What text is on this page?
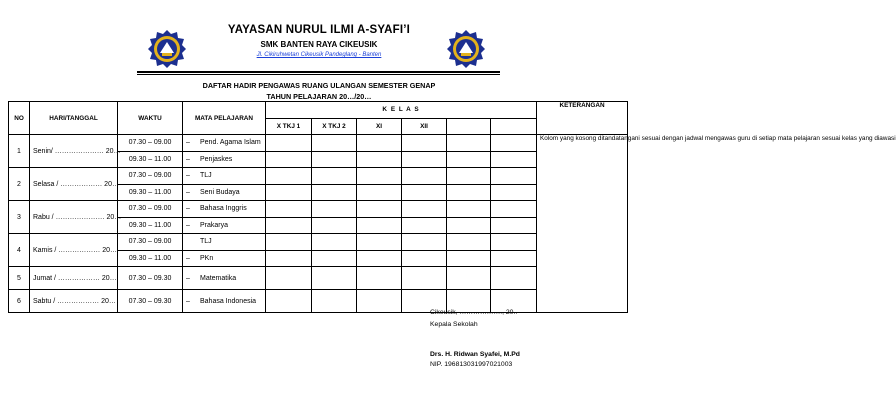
YAYASAN NURUL ILMI A-SYAFI’I
SMK BANTEN RAYA CIKEUSIK
Jl. Cikiruhwetan Cikeusik Pandeglang - Banten
DAFTAR HADIR PENGAWAS RUANG ULANGAN SEMESTER GENAP
TAHUN PELAJARAN 20…/20…
NO	HARI/TANGGAL	WAKTU	MATA PELAJARAN	K E L A S						KETERANGAN
				X TKJ 1	X TKJ 2	XI	XII			
1	Senin/ ………………… 20…	07.30 – 09.00	– Pend. Agama Islam							Kolom yang kosong ditandatangani sesuai dengan jadwal mengawas guru di setiap mata pelajaran sesuai kelas yang diawasi
		09.30 – 11.00	– Penjaskes							
2	Selasa / ……………… 20…	07.30 – 09.00	– TLJ							
		09.30 – 11.00	– Seni Budaya							
3	Rabu / ………………… 20…	07.30 – 09.00	– Bahasa Inggris							
		09.30 – 11.00	– Prakarya							
4	Kamis / ……………… 20…	07.30 – 09.00	TLJ							
		09.30 – 11.00	– PKn							
5	Jumat / ……………… 20…	07.30 – 09.30	– Matematika							
6	Sabtu / ……………… 20…	07.30 – 09.30	– Bahasa Indonesia							
Cikeusik, ………………., 20..
Kepala Sekolah
Drs. H. Ridwan Syafei, M.Pd
NIP. 196813031997021003
